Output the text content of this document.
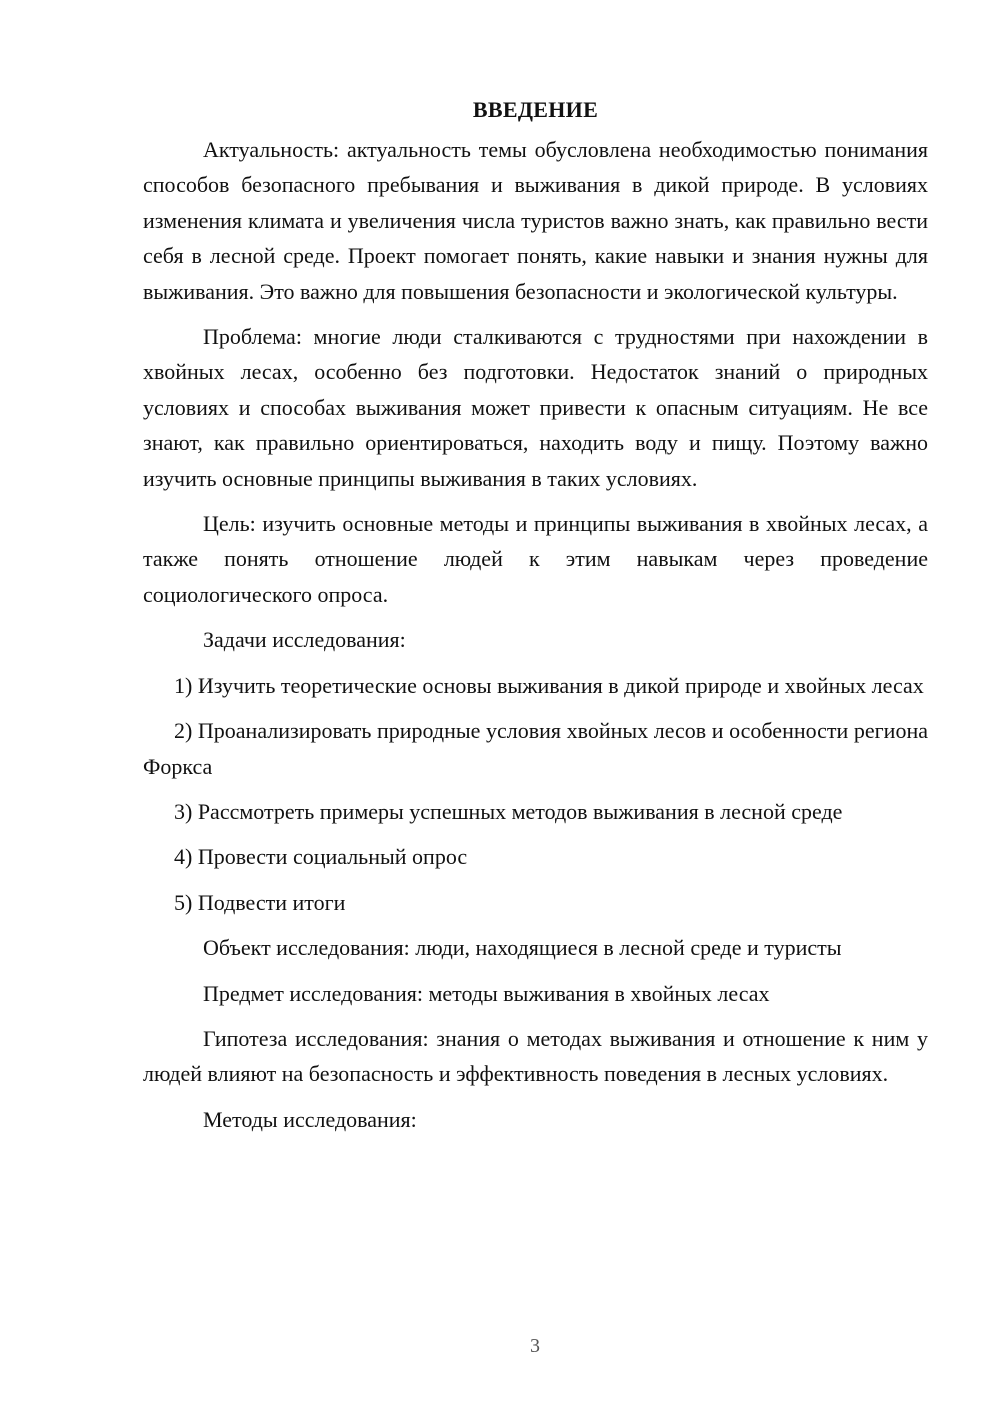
ВВЕДЕНИЕ

Актуальность: актуальность темы обусловлена необходимостью понимания способов безопасного пребывания и выживания в дикой природе. В условиях изменения климата и увеличения числа туристов важно знать, как правильно вести себя в лесной среде. Проект помогает понять, какие навыки и знания нужны для выживания. Это важно для повышения безопасности и экологической культуры.

Проблема: многие люди сталкиваются с трудностями при нахождении в хвойных лесах, особенно без подготовки. Недостаток знаний о природных условиях и способах выживания может привести к опасным ситуациям. Не все знают, как правильно ориентироваться, находить воду и пищу. Поэтому важно изучить основные принципы выживания в таких условиях.

Цель: изучить основные методы и принципы выживания в хвойных лесах, а также понять отношение людей к этим навыкам через проведение социологического опроса.

Задачи исследования:

1) Изучить теоретические основы выживания в дикой природе и хвойных лесах

2) Проанализировать природные условия хвойных лесов и особенности региона Форкса

3) Рассмотреть примеры успешных методов выживания в лесной среде

4) Провести социальный опрос

5) Подвести итоги

Объект исследования: люди, находящиеся в лесной среде и туристы

Предмет исследования: методы выживания в хвойных лесах

Гипотеза исследования: знания о методах выживания и отношение к ним у людей влияют на безопасность и эффективность поведения в лесных условиях.

Методы исследования:

3
